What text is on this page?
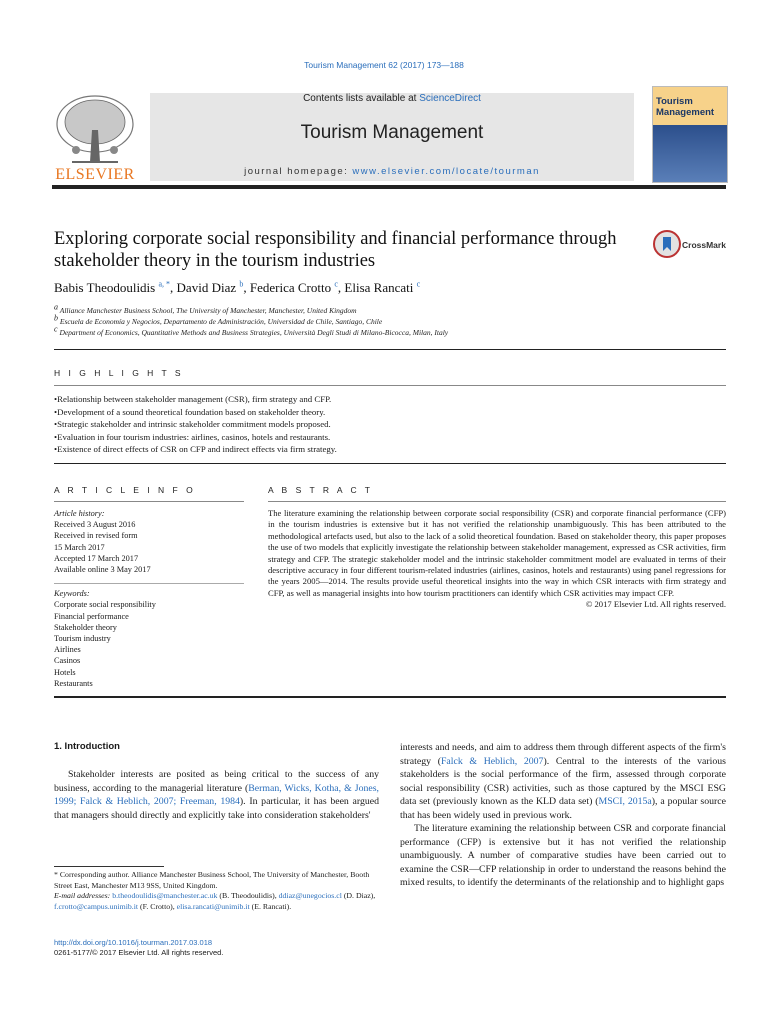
Tourism Management 62 (2017) 173—188
ELSEVIER
Contents lists available at ScienceDirect
Tourism Management
journal homepage: www.elsevier.com/locate/tourman
Tourism
Management
Exploring corporate social responsibility and financial performance through stakeholder theory in the tourism industries
CrossMark
Babis Theodoulidis $^{a, *}$, David Diaz $^b$, Federica Crotto $^c$, Elisa Rancati $^c$
$^a$ Alliance Manchester Business School, The University of Manchester, Manchester, United Kingdom
$^b$ Escuela de Economía y Negocios, Departamento de Administración, Universidad de Chile, Santiago, Chile
$^c$ Department of Economics, Quantitative Methods and Business Strategies, Università Degli Studi di Milano-Bicocca, Milan, Italy
H I G H L I G H T S
• Relationship between stakeholder management (CSR), firm strategy and CFP.
• Development of a sound theoretical foundation based on stakeholder theory.
• Strategic stakeholder and intrinsic stakeholder commitment models proposed.
• Evaluation in four tourism industries: airlines, casinos, hotels and restaurants.
• Existence of direct effects of CSR on CFP and indirect effects via firm strategy.
A R T I C L E I N F O
Article history:
Received 3 August 2016
Received in revised form
15 March 2017
Accepted 17 March 2017
Available online 3 May 2017
Keywords:
Corporate social responsibility
Financial performance
Stakeholder theory
Tourism industry
Airlines
Casinos
Hotels
Restaurants
A B S T R A C T
The literature examining the relationship between corporate social responsibility (CSR) and corporate financial performance (CFP) in the tourism industries is extensive but it has not verified the relationship unambiguously. This has been attributed to the methodological artefacts used, but also to the lack of a solid theoretical foundation. Based on stakeholder theory, this paper proposes the use of two models that explicitly investigate the relationship between stakeholder management, expressed as CSR activities, firm strategy and CFP. The strategic stakeholder model and the intrinsic stakeholder commitment model are evaluated in terms of their descriptive accuracy in four different tourism-related industries (airlines, casinos, hotels and restaurants) using panel regressions for the years 2005—2014. The results provide useful theoretical insights into the way in which CSR interacts with firm strategy and CFP, as well as managerial insights into how tourism practitioners can identify which CSR activities may impact CFP.
© 2017 Elsevier Ltd. All rights reserved.
1. Introduction
Stakeholder interests are posited as being critical to the success of any business, according to the managerial literature (Berman, Wicks, Kotha, & Jones, 1999; Falck & Heblich, 2007; Freeman, 1984). In particular, it has been argued that managers should directly and explicitly take into consideration stakeholders'

interests and needs, and aim to address them through different aspects of the firm's strategy (Falck & Heblich, 2007). Central to the interests of the various stakeholders is the social performance of the firm, assessed through corporate social responsibility (CSR) activities, such as those captured by the MSCI ESG data set (previously known as the KLD data set) (MSCI, 2015a), a popular source that has been widely used in previous work.

The literature examining the relationship between CSR and corporate financial performance (CFP) is extensive but it has not verified the relationship unambiguously. A number of comparative studies have been carried out to examine the CSR—CFP relationship in order to understand the reasons behind the mixed results, to identify the determinants of the relationship and to highlight gaps

* Corresponding author. Alliance Manchester Business School, The University of Manchester, Booth Street East, Manchester M13 9SS, United Kingdom.
E-mail addresses: b.theodoulidis@manchester.ac.uk (B. Theodoulidis), ddiaz@unegocios.cl (D. Diaz), f.crotto@campus.unimib.it (F. Crotto), elisa.rancati@unimib.it (E. Rancati).
http://dx.doi.org/10.1016/j.tourman.2017.03.018
0261-5177/© 2017 Elsevier Ltd. All rights reserved.
